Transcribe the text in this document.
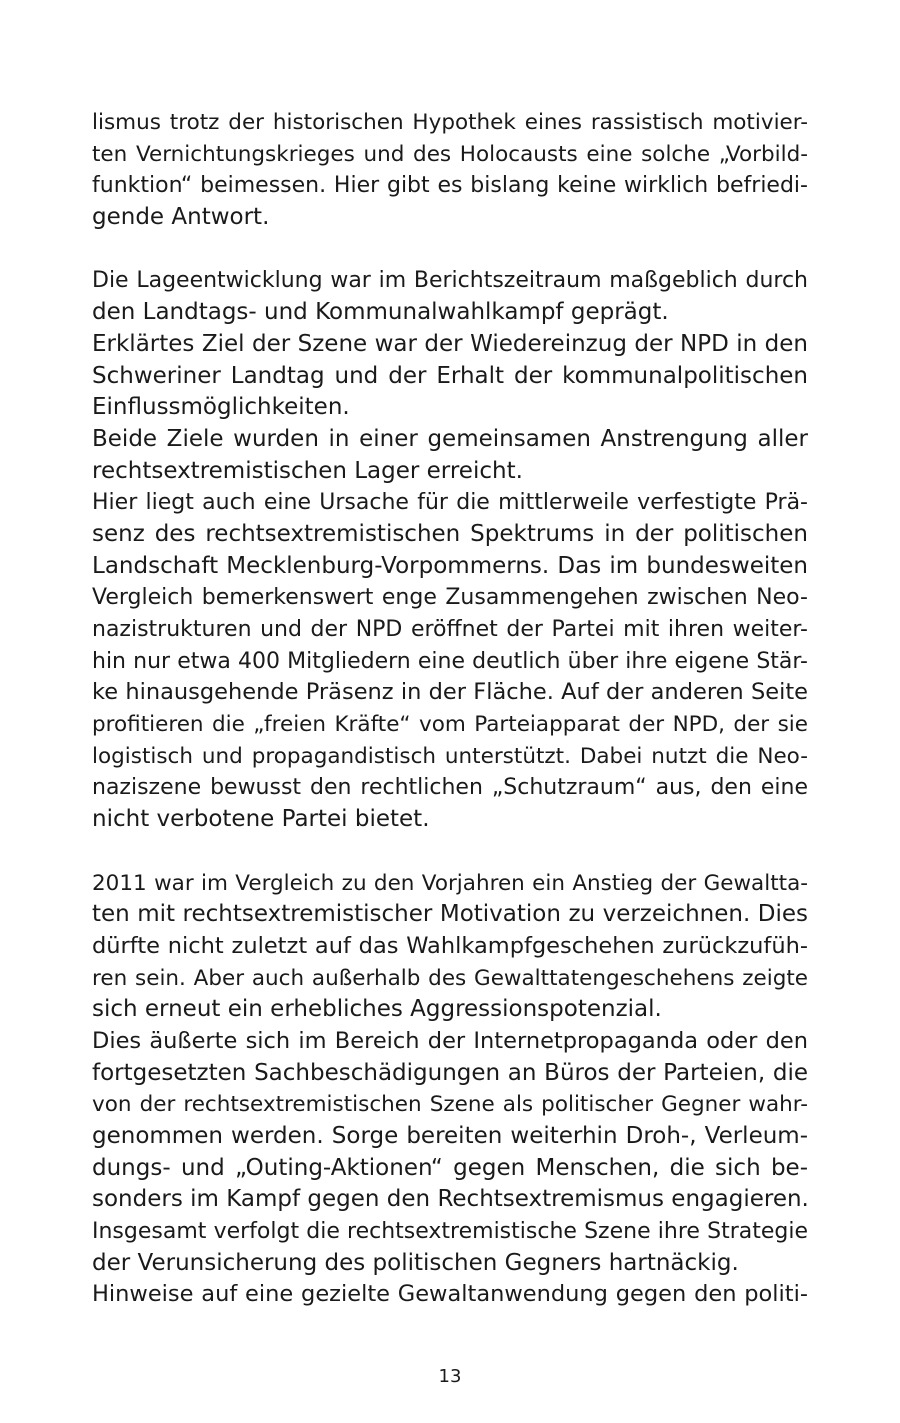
lismus trotz der historischen Hypothek eines rassistisch motivier-
ten Vernichtungskrieges und des Holocausts eine solche „Vorbild-
funktion“ beimessen. Hier gibt es bislang keine wirklich befriedi-
gende Antwort.
Die Lageentwicklung war im Berichtszeitraum maßgeblich durch
den Landtags- und Kommunalwahlkampf geprägt.
Erklärtes Ziel der Szene war der Wiedereinzug der NPD in den
Schweriner Landtag und der Erhalt der kommunalpolitischen
Einflussmöglichkeiten.
Beide Ziele wurden in einer gemeinsamen Anstrengung aller
rechtsextremistischen Lager erreicht.
Hier liegt auch eine Ursache für die mittlerweile verfestigte Prä-
senz des rechtsextremistischen Spektrums in der politischen
Landschaft Mecklenburg-Vorpommerns. Das im bundesweiten
Vergleich bemerkenswert enge Zusammengehen zwischen Neo-
nazistrukturen und der NPD eröffnet der Partei mit ihren weiter-
hin nur etwa 400 Mitgliedern eine deutlich über ihre eigene Stär-
ke hinausgehende Präsenz in der Fläche. Auf der anderen Seite
profitieren die „freien Kräfte“ vom Parteiapparat der NPD, der sie
logistisch und propagandistisch unterstützt. Dabei nutzt die Neo-
naziszene bewusst den rechtlichen „Schutzraum“ aus, den eine
nicht verbotene Partei bietet.
2011 war im Vergleich zu den Vorjahren ein Anstieg der Gewaltta-
ten mit rechtsextremistischer Motivation zu verzeichnen. Dies
dürfte nicht zuletzt auf das Wahlkampfgeschehen zurückzufüh-
ren sein. Aber auch außerhalb des Gewalttatengeschehens zeigte
sich erneut ein erhebliches Aggressionspotenzial.
Dies äußerte sich im Bereich der Internetpropaganda oder den
fortgesetzten Sachbeschädigungen an Büros der Parteien, die
von der rechtsextremistischen Szene als politischer Gegner wahr-
genommen werden. Sorge bereiten weiterhin Droh-, Verleum-
dungs- und „Outing-Aktionen“ gegen Menschen, die sich be-
sonders im Kampf gegen den Rechtsextremismus engagieren.
Insgesamt verfolgt die rechtsextremistische Szene ihre Strategie
der Verunsicherung des politischen Gegners hartnäckig.
Hinweise auf eine gezielte Gewaltanwendung gegen den politi-
13
